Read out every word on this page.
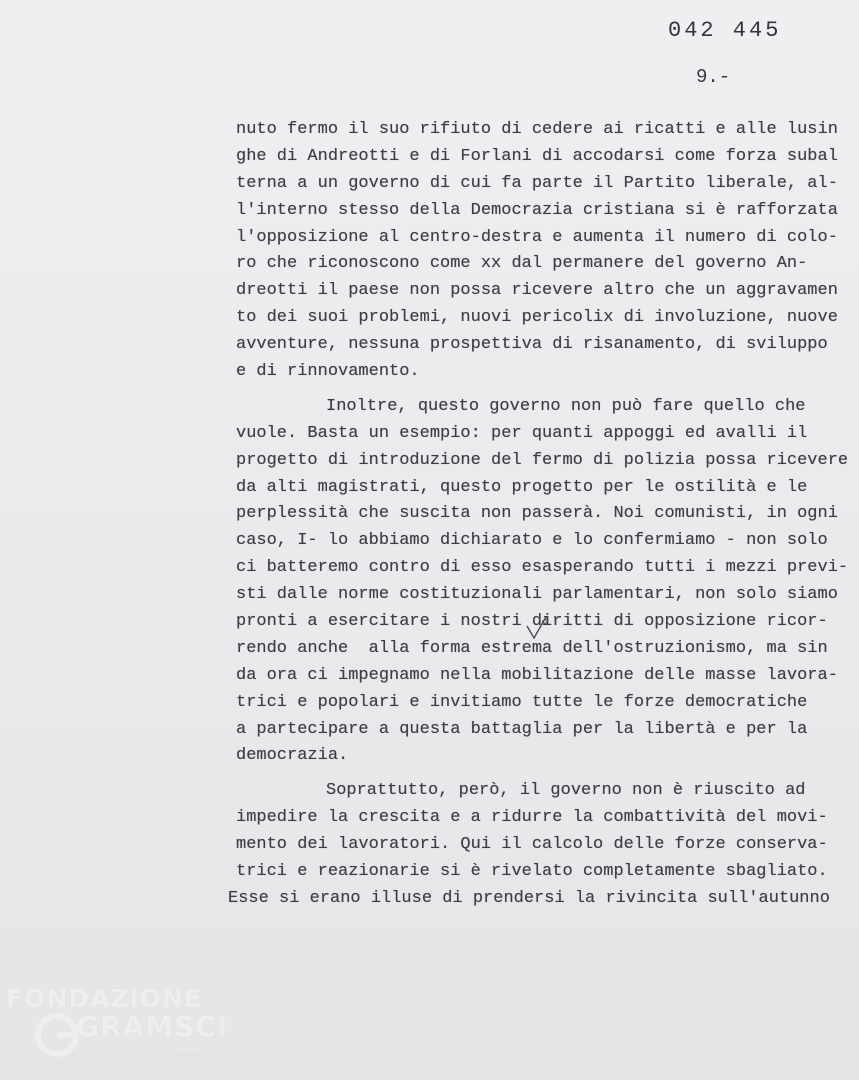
042 445
9.-
nuto fermo il suo rifiuto di cedere ai ricatti e alle lusin
ghe di Andreotti e di Forlani di accodarsi come forza subal
terna a un governo di cui fa parte il Partito liberale, al-
l'interno stesso della Democrazia cristiana si è rafforzata
l'opposizione al centro-destra e aumenta il numero di colo-
ro che riconoscono come xx dal permanere del governo An-
dreotti il paese non possa ricevere altro che un aggravamen
to dei suoi problemi, nuovi pericolix di involuzione, nuove
avventure, nessuna prospettiva di risanamento, di sviluppo
e di rinnovamento.
Inoltre, questo governo non può fare quello che
vuole. Basta un esempio: per quanti appoggi ed avalli il
progetto di introduzione del fermo di polizia possa ricevere
da alti magistrati, questo progetto per le ostilità e le
perplessità che suscita non passerà. Noi comunisti, in ogni
caso, I- lo abbiamo dichiarato e lo confermiamo - non solo
ci batteremo contro di esso esasperando tutti i mezzi previ-
sti dalle norme costituzionali parlamentari, non solo siamo
pronti a esercitare i nostri diritti di opposizione ricor-
rendo anche  alla forma estrema dell'ostruzionismo, ma sin
da ora ci impegnamo nella mobilitazione delle masse lavora-
trici e popolari e invitiamo tutte le forze democratiche
a partecipare a questa battaglia per la libertà e per la
democrazia.
Soprattutto, però, il governo non è riuscito ad
impedire la crescita e a ridurre la combattività del movi-
mento dei lavoratori. Qui il calcolo delle forze conserva-
trici e reazionarie si è rivelato completamente sbagliato.
Esse si erano illuse di prendersi la rivincita sull'autunno
FONDAZIONE
GRAMSCI
onlus
